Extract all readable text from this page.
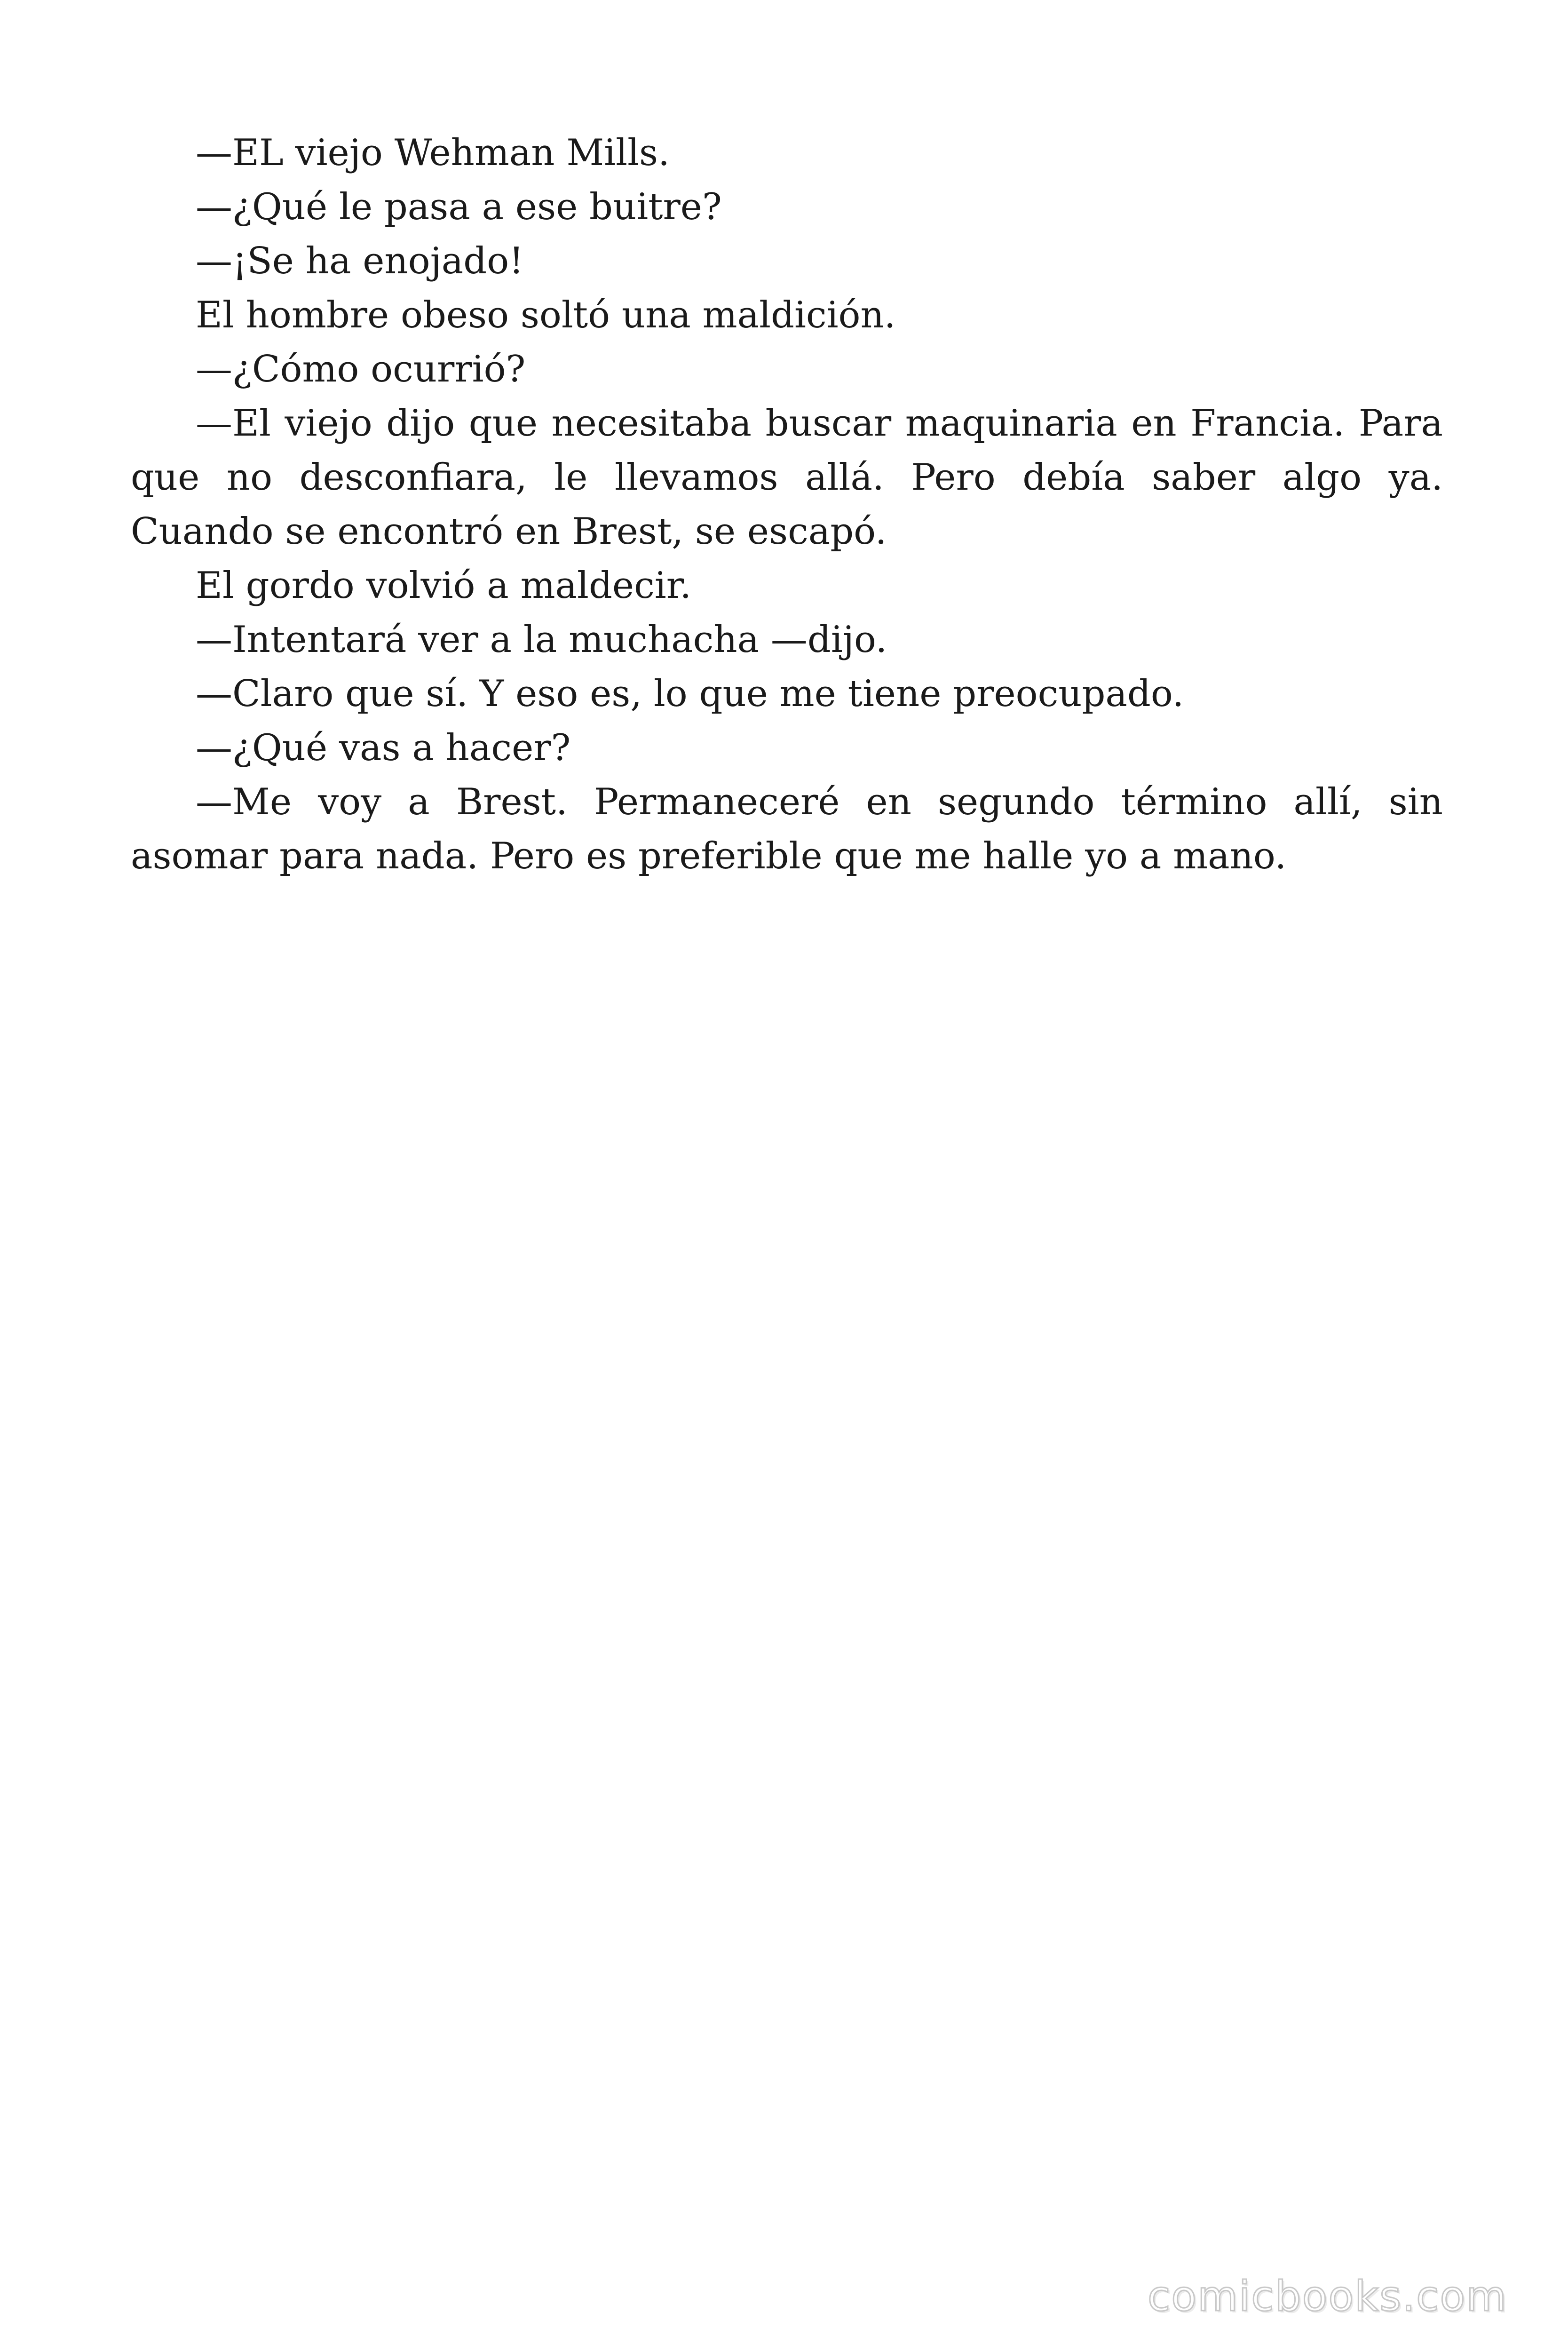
—EL viejo Wehman Mills.

—¿Qué le pasa a ese buitre?

—¡Se ha enojado!

El hombre obeso soltó una maldición.

—¿Cómo ocurrió?

—El viejo dijo que necesitaba buscar maquinaria en Francia. Para que no desconfiara, le llevamos allá. Pero debía saber algo ya. Cuando se encontró en Brest, se escapó.

El gordo volvió a maldecir.

—Intentará ver a la muchacha —dijo.

—Claro que sí. Y eso es, lo que me tiene preocupado.

—¿Qué vas a hacer?

—Me voy a Brest. Permaneceré en segundo término allí, sin asomar para nada. Pero es preferible que me halle yo a mano.

comicbooks.com
